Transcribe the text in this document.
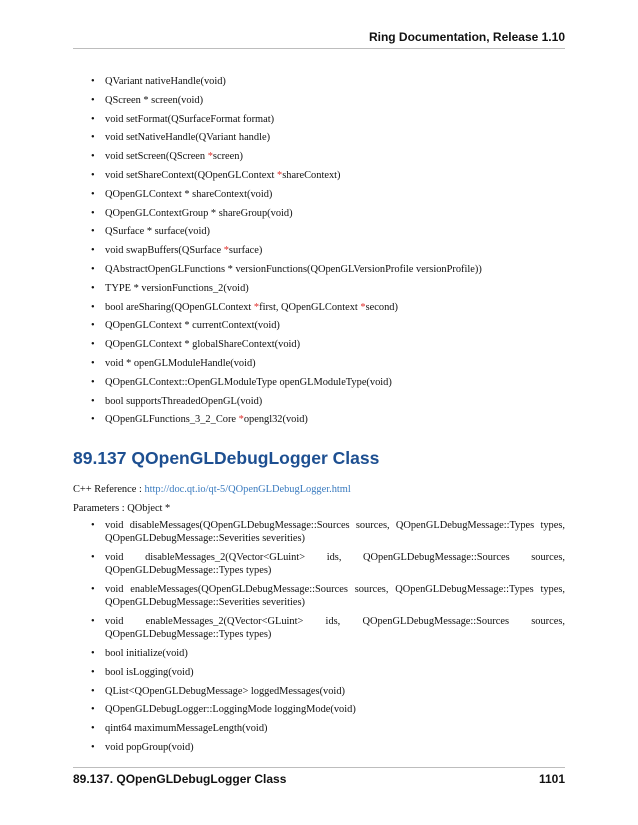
Ring Documentation, Release 1.10
• QVariant nativeHandle(void)
• QScreen * screen(void)
• void setFormat(QSurfaceFormat format)
• void setNativeHandle(QVariant handle)
• void setScreen(QScreen *screen)
• void setShareContext(QOpenGLContext *shareContext)
• QOpenGLContext * shareContext(void)
• QOpenGLContextGroup * shareGroup(void)
• QSurface * surface(void)
• void swapBuffers(QSurface *surface)
• QAbstractOpenGLFunctions * versionFunctions(QOpenGLVersionProfile versionProfile))
• TYPE * versionFunctions_2(void)
• bool areSharing(QOpenGLContext *first, QOpenGLContext *second)
• QOpenGLContext * currentContext(void)
• QOpenGLContext * globalShareContext(void)
• void * openGLModuleHandle(void)
• QOpenGLContext::OpenGLModuleType openGLModuleType(void)
• bool supportsThreadedOpenGL(void)
• QOpenGLFunctions_3_2_Core *opengl32(void)
89.137 QOpenGLDebugLogger Class
C++ Reference : http://doc.qt.io/qt-5/QOpenGLDebugLogger.html
Parameters : QObject *
• void disableMessages(QOpenGLDebugMessage::Sources sources, QOpenGLDebugMessage::Types types, QOpenGLDebugMessage::Severities severities)
• void disableMessages_2(QVector<GLuint> ids, QOpenGLDebugMessage::Sources sources, QOpenGLDebugMessage::Types types)
• void enableMessages(QOpenGLDebugMessage::Sources sources, QOpenGLDebugMessage::Types types, QOpenGLDebugMessage::Severities severities)
• void enableMessages_2(QVector<GLuint> ids, QOpenGLDebugMessage::Sources sources, QOpenGLDebugMessage::Types types)
• bool initialize(void)
• bool isLogging(void)
• QList<QOpenGLDebugMessage> loggedMessages(void)
• QOpenGLDebugLogger::LoggingMode loggingMode(void)
• qint64 maximumMessageLength(void)
• void popGroup(void)
89.137. QOpenGLDebugLogger Class	1101
